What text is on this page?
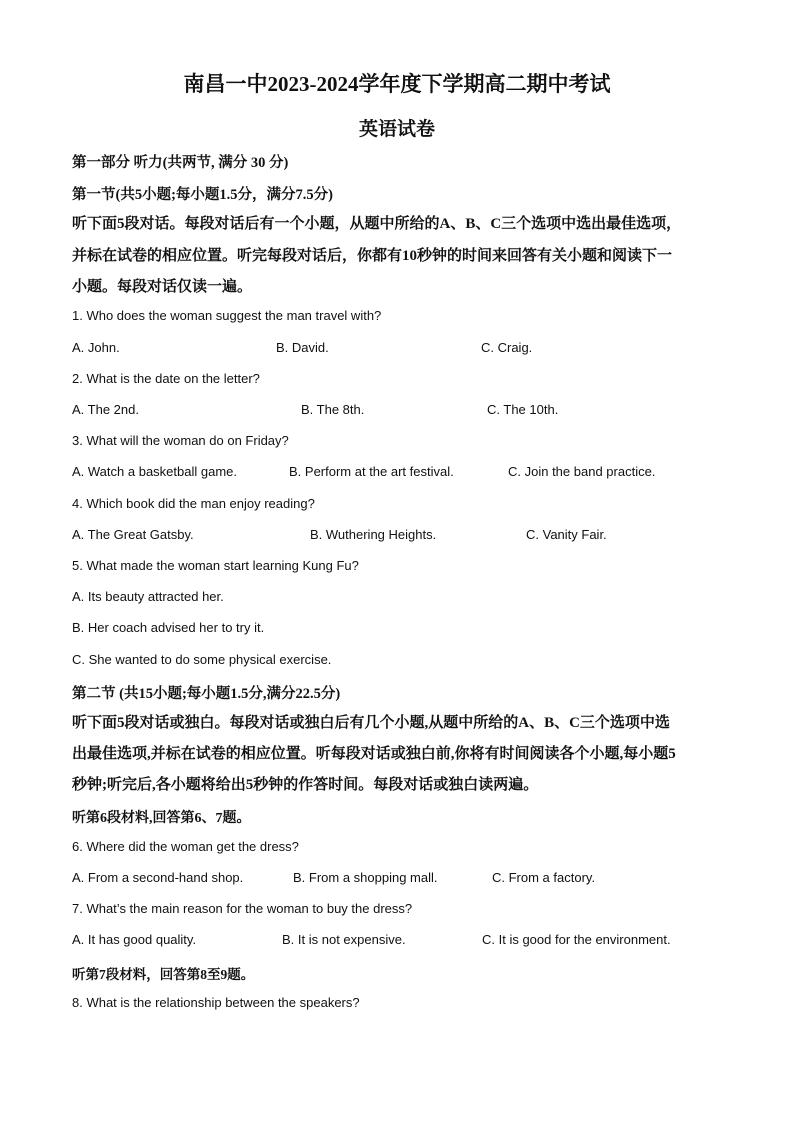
南昌一中2023-2024学年度下学期高二期中考试
英语试卷
第一部分 听力(共两节, 满分 30 分)
第一节(共5小题;每小题1.5分，满分7.5分)
听下面5段对话。每段对话后有一个小题，从题中所给的A、B、C三个选项中选出最佳选项，
并标在试卷的相应位置。听完每段对话后，你都有10秒钟的时间来回答有关小题和阅读下一
小题。每段对话仅读一遍。
1. Who does the woman suggest the man travel with?
A. John.	B. David.	C. Craig.
2. What is the date on the letter?
A. The 2nd.	B. The 8th.	C. The 10th.
3. What will the woman do on Friday?
A. Watch a basketball game.	B. Perform at the art festival.	C. Join the band practice.
4. Which book did the man enjoy reading?
A. The Great Gatsby.	B. Wuthering Heights.	C. Vanity Fair.
5. What made the woman start learning Kung Fu?
A. Its beauty attracted her.
B. Her coach advised her to try it.
C. She wanted to do some physical exercise.
第二节 (共15小题;每小题1.5分,满分22.5分)
听下面5段对话或独白。每段对话或独白后有几个小题,从题中所给的A、B、C三个选项中选
出最佳选项,并标在试卷的相应位置。听每段对话或独白前,你将有时间阅读各个小题,每小题5
秒钟;听完后,各小题将给出5秒钟的作答时间。每段对话或独白读两遍。
听第6段材料,回答第6、7题。
6. Where did the woman get the dress?
A. From a second-hand shop.	B. From a shopping mall.	C. From a factory.
7. What’s the main reason for the woman to buy the dress?
A. It has good quality.	B. It is not expensive.	C. It is good for the environment.
听第7段材料，回答第8至9题。
8. What is the relationship between the speakers?
